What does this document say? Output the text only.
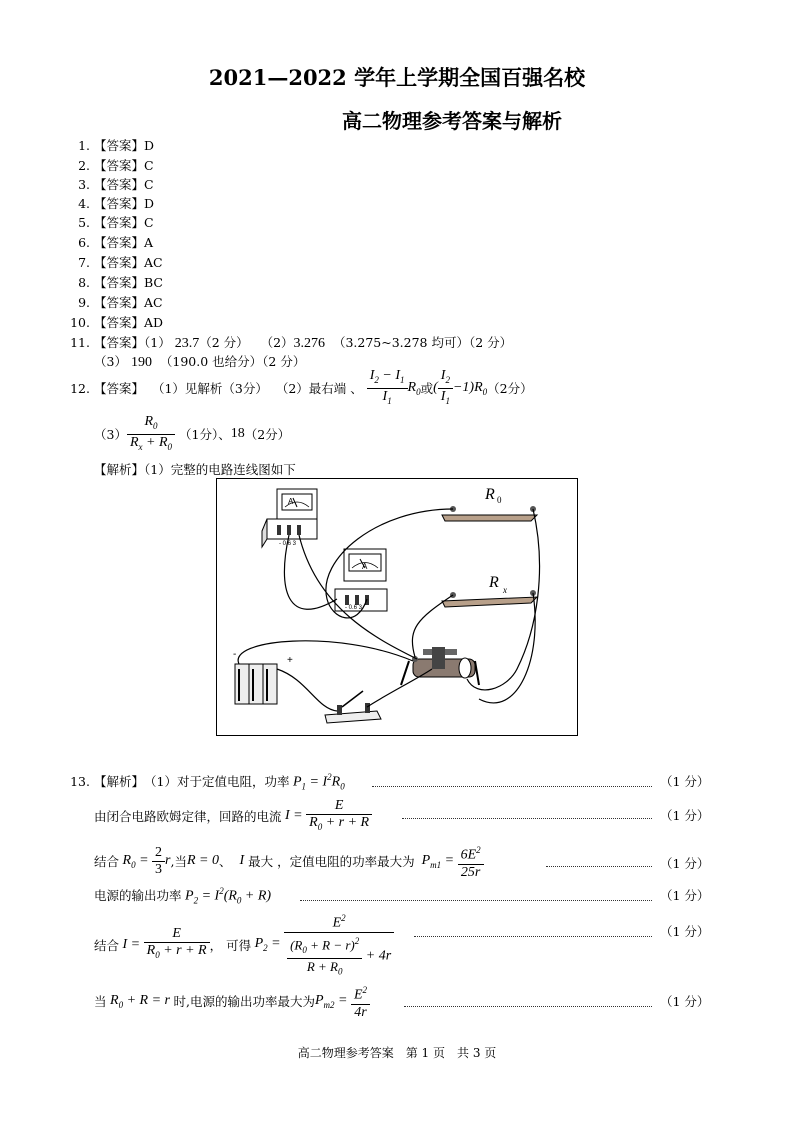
2021—2022 学年上学期全国百强名校
高二物理参考答案与解析
1. 【答案】D
2. 【答案】C
3. 【答案】C
4. 【答案】D
5. 【答案】C
6. 【答案】A
7. 【答案】AC
8. 【答案】BC
9. 【答案】AC
10. 【答案】AD
11. 【答案】（1） 23.7（2 分） （2）3.276 （3.275~3.278 均可）（2 分）
（3） 190 （190.0 也给分）（2 分）
12. 【答案】
（1）见解析（3分）
（2）最右端 、
$\frac{I_2 - I_1}{I_1} R_0$ 或 ( $\frac{I_2}{I_1} -1)R_0$ （2分）
$(3) \frac{R_0}{R_x + R_0}$
（1分）、 18 （2分）
【解析】（1）完整的电路连线图如下
A
- 0.6 3
A
- 0.6 3
R 0
R x
-
+
13. 【解析】 （1）对于定值电阻，功率 $P_1 = I^2R_0$	（1 分）
由闭合电路欧姆定律，回路的电流 $I = \frac{E}{R_0 + r + R}$	（1 分）
结合 $R_0 = \frac{2}{3}$ r ,当 R = 0 、
I
最大 ，定值电阻的功率最大为 $P_{m1} = \frac{6E^2}{25r}$	（1 分）
电源的输出功率 $P_2 = I^2(R_0 + R)$	（1 分）
结合 $I = \frac{E}{R_0 + r + R}$ ， 可得 $P_2 = \frac{E^2}{\frac{(R_0 + R - r)^2}{R + R_0} + 4r}$	（1 分）
当 $R_0 + R = r$ 时,电源的输出功率最大为 $P_{m2} = \frac{E^2}{4r}$	（1 分）
高二物理参考答案　第 1 页　共 3 页
